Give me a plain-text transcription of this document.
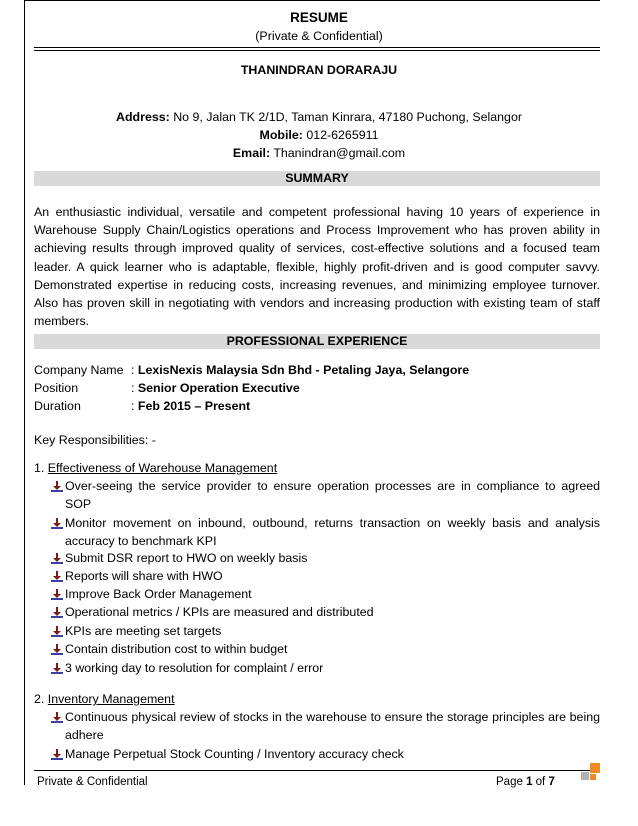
RESUME
(Private & Confidential)
THANINDRAN DORARAJU
Address: No 9, Jalan TK 2/1D, Taman Kinrara, 47180 Puchong, Selangor
Mobile: 012-6265911
Email: Thanindran@gmail.com
SUMMARY
An enthusiastic individual, versatile and competent professional having 10 years of experience in Warehouse Supply Chain/Logistics operations and Process Improvement who has proven ability in achieving results through improved quality of services, cost-effective solutions and a focused team leader. A quick learner who is adaptable, flexible, highly profit-driven and is good computer savvy. Demonstrated expertise in reducing costs, increasing revenues, and minimizing employee turnover. Also has proven skill in negotiating with vendors and increasing production with existing team of staff members.
PROFESSIONAL EXPERIENCE
Company Name : LexisNexis Malaysia Sdn Bhd - Petaling Jaya, Selangore
Position	: Senior Operation Executive
Duration	: Feb 2015 – Present
Key Responsibilities: -
1. Effectiveness of Warehouse Management
Over-seeing the service provider to ensure operation processes are in compliance to agreed SOP
Monitor movement on inbound, outbound, returns transaction on weekly basis and analysis accuracy to benchmark KPI
Submit DSR report to HWO on weekly basis
Reports will share with HWO
Improve Back Order Management
Operational metrics / KPIs are measured and distributed
KPIs are meeting set targets
Contain distribution cost to within budget
3 working day to resolution for complaint / error
2. Inventory Management
Continuous physical review of stocks in the warehouse to ensure the storage principles are being adhere
Manage Perpetual Stock Counting / Inventory accuracy check
Private & Confidential	Page 1 of 7
